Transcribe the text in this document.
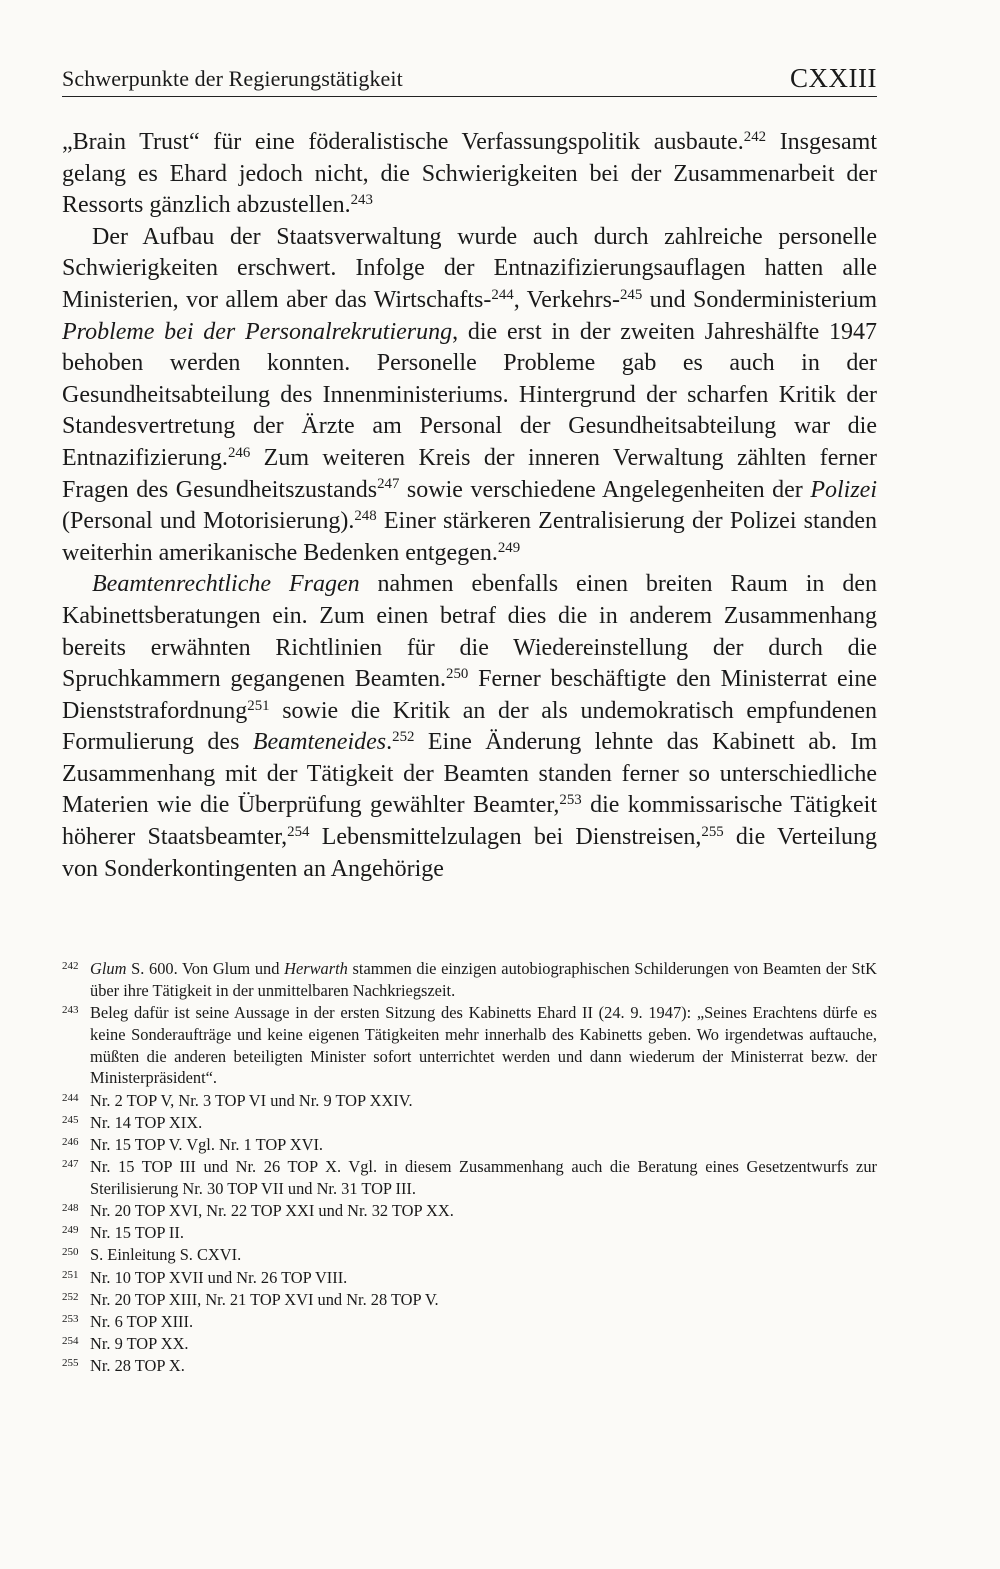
Schwerpunkte der Regierungstätigkeit	CXXIII

„Brain Trust“ für eine föderalistische Verfassungspolitik ausbaute.$^{242}$ Insgesamt gelang es Ehard jedoch nicht, die Schwierigkeiten bei der Zusammenarbeit der Ressorts gänzlich abzustellen.$^{243}$

Der Aufbau der Staatsverwaltung wurde auch durch zahlreiche personelle Schwierigkeiten erschwert. Infolge der Entnazifizierungsauflagen hatten alle Ministerien, vor allem aber das Wirtschafts-$^{244}$, Verkehrs-$^{245}$ und Sonderministerium Probleme bei der Personalrekrutierung, die erst in der zweiten Jahreshälfte 1947 behoben werden konnten. Personelle Probleme gab es auch in der Gesundheitsabteilung des Innenministeriums. Hintergrund der scharfen Kritik der Standesvertretung der Ärzte am Personal der Gesundheitsabteilung war die Entnazifizierung.$^{246}$ Zum weiteren Kreis der inneren Verwaltung zählten ferner Fragen des Gesundheitszustands$^{247}$ sowie verschiedene Angelegenheiten der Polizei (Personal und Motorisierung).$^{248}$ Einer stärkeren Zentralisierung der Polizei standen weiterhin amerikanische Bedenken entgegen.$^{249}$

Beamtenrechtliche Fragen nahmen ebenfalls einen breiten Raum in den Kabinettsberatungen ein. Zum einen betraf dies die in anderem Zusammenhang bereits erwähnten Richtlinien für die Wiedereinstellung der durch die Spruchkammern gegangenen Beamten.$^{250}$ Ferner beschäftigte den Ministerrat eine Dienststrafordnung$^{251}$ sowie die Kritik an der als undemokratisch empfundenen Formulierung des Beamteneides.$^{252}$ Eine Änderung lehnte das Kabinett ab. Im Zusammenhang mit der Tätigkeit der Beamten standen ferner so unterschiedliche Materien wie die Überprüfung gewählter Beamter,$^{253}$ die kommissarische Tätigkeit höherer Staatsbeamter,$^{254}$ Lebensmittelzulagen bei Dienstreisen,$^{255}$ die Verteilung von Sonderkontingenten an Angehörige

242 Glum S. 600. Von Glum und Herwarth stammen die einzigen autobiographischen Schilderungen von Beamten der StK über ihre Tätigkeit in der unmittelbaren Nachkriegszeit.
243 Beleg dafür ist seine Aussage in der ersten Sitzung des Kabinetts Ehard II (24. 9. 1947): „Seines Erachtens dürfe es keine Sonderaufträge und keine eigenen Tätigkeiten mehr innerhalb des Kabinetts geben. Wo irgendetwas auftauche, müßten die anderen beteiligten Minister sofort unterrichtet werden und dann wiederum der Ministerrat bezw. der Ministerpräsident“.
244 Nr. 2 TOP V, Nr. 3 TOP VI und Nr. 9 TOP XXIV.
245 Nr. 14 TOP XIX.
246 Nr. 15 TOP V. Vgl. Nr. 1 TOP XVI.
247 Nr. 15 TOP III und Nr. 26 TOP X. Vgl. in diesem Zusammenhang auch die Beratung eines Gesetzentwurfs zur Sterilisierung Nr. 30 TOP VII und Nr. 31 TOP III.
248 Nr. 20 TOP XVI, Nr. 22 TOP XXI und Nr. 32 TOP XX.
249 Nr. 15 TOP II.
250 S. Einleitung S. CXVI.
251 Nr. 10 TOP XVII und Nr. 26 TOP VIII.
252 Nr. 20 TOP XIII, Nr. 21 TOP XVI und Nr. 28 TOP V.
253 Nr. 6 TOP XIII.
254 Nr. 9 TOP XX.
255 Nr. 28 TOP X.
